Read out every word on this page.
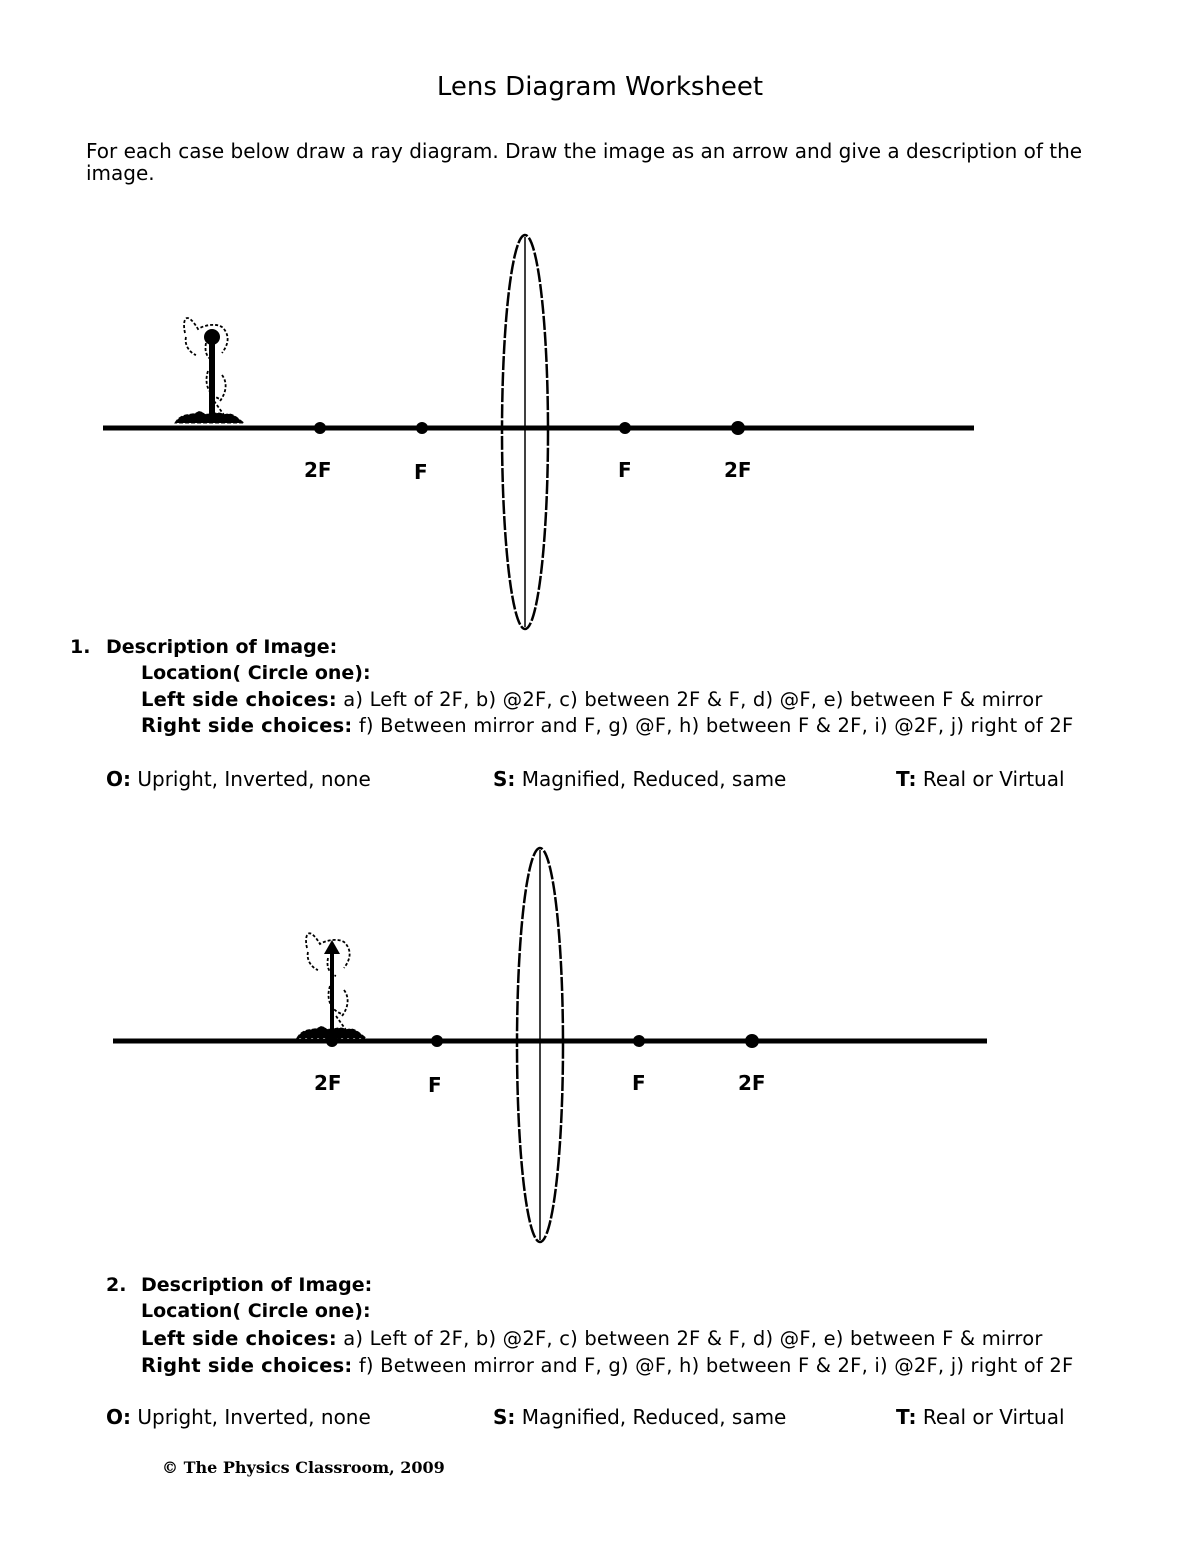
Lens Diagram Worksheet
For each case below draw a ray diagram. Draw the image as an arrow and give a description of the image.
2F	F	F	2F
1. Description of Image:
Location( Circle one):
Left side choices: a) Left of 2F, b) @2F, c) between 2F & F, d) @F, e) between F & mirror
Right side choices: f) Between mirror and F, g) @F, h) between F & 2F, i) @2F, j) right of 2F
O: Upright, Inverted, none	S: Magnified, Reduced, same	T: Real or Virtual
2F	F	F	2F
2. Description of Image:
Location( Circle one):
Left side choices: a) Left of 2F, b) @2F, c) between 2F & F, d) @F, e) between F & mirror
Right side choices: f) Between mirror and F, g) @F, h) between F & 2F, i) @2F, j) right of 2F
O: Upright, Inverted, none	S: Magnified, Reduced, same	T: Real or Virtual
© The Physics Classroom, 2009
